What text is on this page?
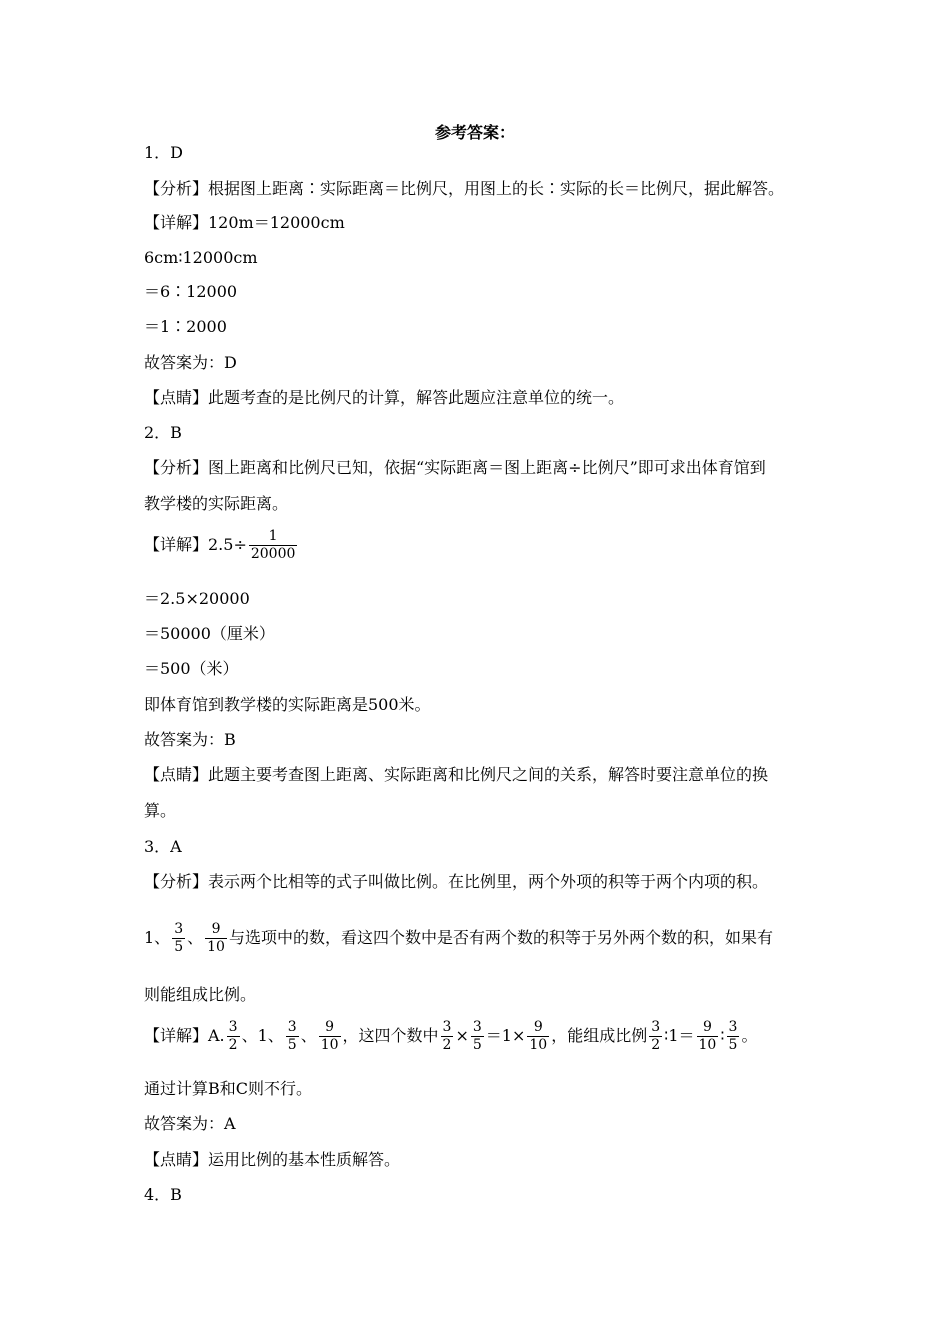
参考答案：
1．D
【分析】根据图上距离∶实际距离＝比例尺，用图上的长∶实际的长＝比例尺，据此解答。
【详解】120m＝12000cm
6cm∶12000cm
＝6∶12000
＝1∶2000
故答案为：D
【点睛】此题考查的是比例尺的计算，解答此题应注意单位的统一。
2．B
【分析】图上距离和比例尺已知，依据“实际距离＝图上距离÷比例尺”即可求出体育馆到
教学楼的实际距离。
【详解】$2.5\div \frac{1}{20000}$
＝2.5×20000
＝50000（厘米）
＝500（米）
即体育馆到教学楼的实际距离是500米。
故答案为：B
【点睛】此题主要考查图上距离、实际距离和比例尺之间的关系，解答时要注意单位的换
算。
3．A
【分析】表示两个比相等的式子叫做比例。在比例里，两个外项的积等于两个内项的积。
1、 $\frac{3}{5}$ 、 $\frac{9}{10}$ 与选项中的数，看这四个数中是否有两个数的积等于另外两个数的积，如果有
则能组成比例。
【详解】A. $\frac{3}{2}$ 、1、 $\frac{3}{5}$ 、 $\frac{9}{10}$ ，这四个数中 $\frac{3}{2} \times \frac{3}{5} =1\times \frac{9}{10}$ ，能组成比例 $\frac{3}{2}$ ∶1＝ $\frac{9}{10}$ ∶ $\frac{3}{5}$ 。
通过计算B和C则不行。
故答案为：A
【点睛】运用比例的基本性质解答。
4．B
